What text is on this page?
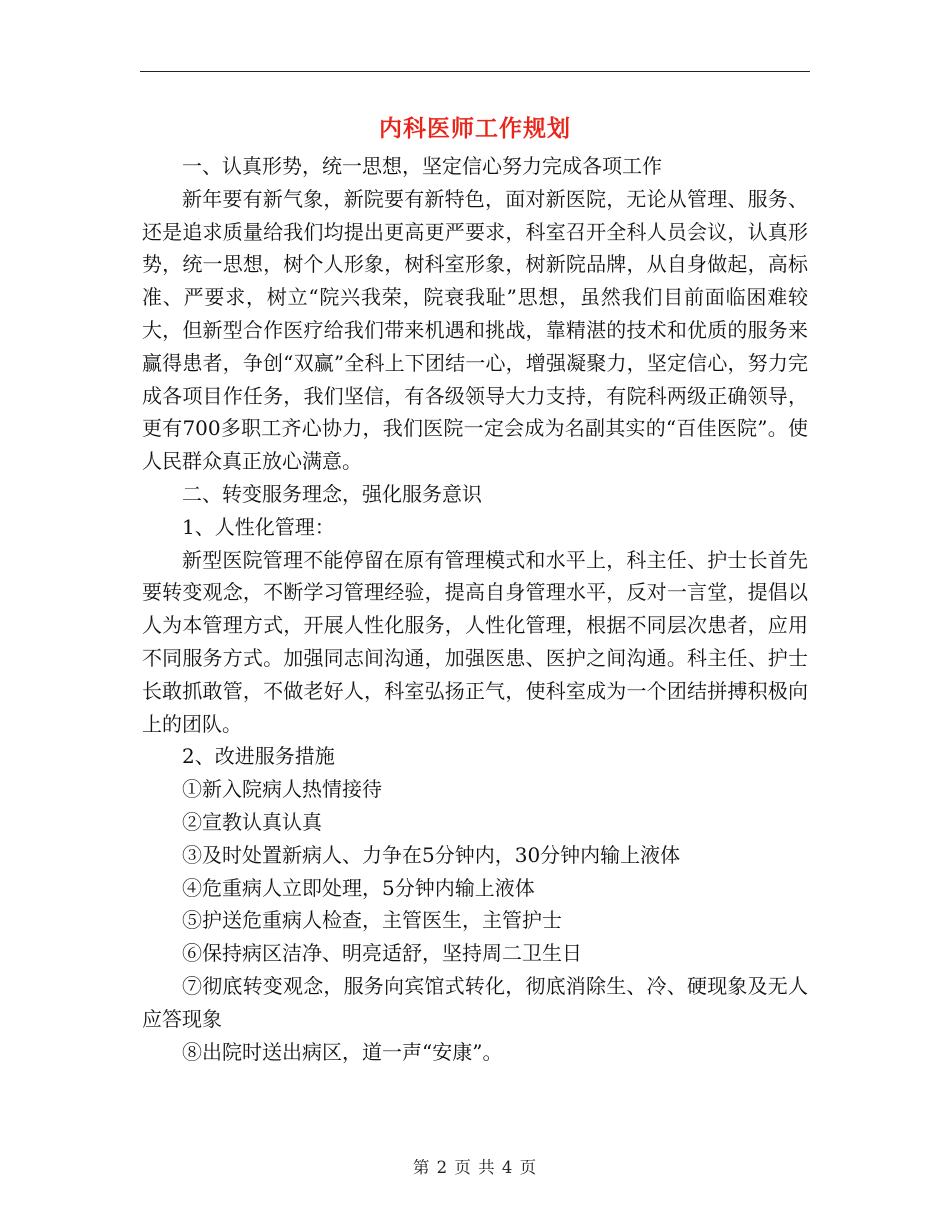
内科医师工作规划

一、认真形势，统一思想，坚定信心努力完成各项工作

新年要有新气象，新院要有新特色，面对新医院，无论从管理、服务、还是追求质量给我们均提出更高更严要求，科室召开全科人员会议，认真形势，统一思想，树个人形象，树科室形象，树新院品牌，从自身做起，高标准、严要求，树立“院兴我荣，院衰我耻”思想，虽然我们目前面临困难较大，但新型合作医疗给我们带来机遇和挑战，靠精湛的技术和优质的服务来赢得患者，争创“双赢”全科上下团结一心，增强凝聚力，坚定信心，努力完成各项目作任务，我们坚信，有各级领导大力支持，有院科两级正确领导，更有700多职工齐心协力，我们医院一定会成为名副其实的“百佳医院”。使人民群众真正放心满意。

二、转变服务理念，强化服务意识

1、人性化管理：

新型医院管理不能停留在原有管理模式和水平上，科主任、护士长首先要转变观念，不断学习管理经验，提高自身管理水平，反对一言堂，提倡以人为本管理方式，开展人性化服务，人性化管理，根据不同层次患者，应用不同服务方式。加强同志间沟通，加强医患、医护之间沟通。科主任、护士长敢抓敢管，不做老好人，科室弘扬正气，使科室成为一个团结拼搏积极向上的团队。

2、改进服务措施

①新入院病人热情接待

②宣教认真认真

③及时处置新病人、力争在5分钟内，30分钟内输上液体

④危重病人立即处理，5分钟内输上液体

⑤护送危重病人检查，主管医生，主管护士

⑥保持病区洁净、明亮适舒，坚持周二卫生日

⑦彻底转变观念，服务向宾馆式转化，彻底消除生、冷、硬现象及无人应答现象

⑧出院时送出病区，道一声“安康”。

第 2 页 共 4 页
